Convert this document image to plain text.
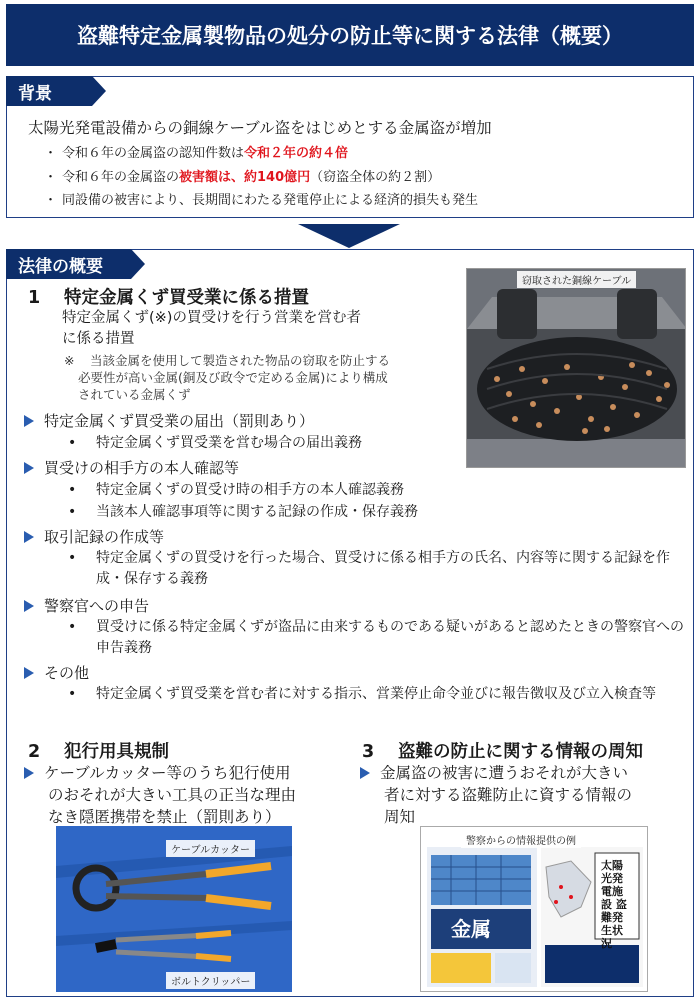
盗難特定金属製物品の処分の防止等に関する法律（概要）
背景
太陽光発電設備からの銅線ケーブル盗をはじめとする金属盗が増加
・ 令和６年の金属盗の認知件数は令和２年の約４倍
・ 令和６年の金属盗の被害額は、約140億円（窃盗全体の約２割）
・ 同設備の被害により、長期間にわたる発電停止による経済的損失も発生
法律の概要
1 特定金属くず買受業に係る措置
特定金属くず(※)の買受けを行う営業を営む者
に係る措置
※ 当該金属を使用して製造された物品の窃取を防止する
必要性が高い金属(銅及び政令で定める金属)により構成
されている金属くず
窃取された銅線ケーブル
特定金属くず買受業の届出（罰則あり）
•	特定金属くず買受業を営む場合の届出義務
買受けの相手方の本人確認等
•	特定金属くずの買受け時の相手方の本人確認義務
•	当該本人確認事項等に関する記録の作成・保存義務
取引記録の作成等
•	特定金属くずの買受けを行った場合、買受けに係る相手方の氏名、内容等に関する記録を作成・保存する義務
警察官への申告
•	買受けに係る特定金属くずが盗品に由来するものである疑いがあると認めたときの警察官への申告義務
その他
•	特定金属くず買受業を営む者に対する指示、営業停止命令並びに報告徴収及び立入検査等
2 犯行用具規制
ケーブルカッター等のうち犯行使用
のおそれが大きい工具の正当な理由
なき隠匿携帯を禁止（罰則あり）
ケーブルカッター
ボルトクリッパー
3 盗難の防止に関する情報の周知
金属盗の被害に遭うおそれが大きい
者に対する盗難防止に資する情報の
周知
警察からの情報提供の例
金属
太陽光発電施設 盗難発生状況
